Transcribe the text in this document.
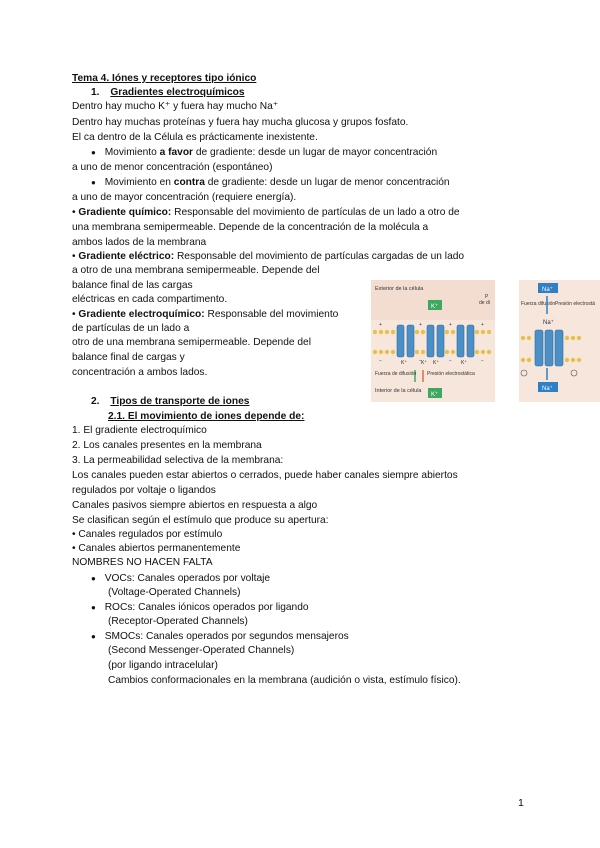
Tema 4. Iónes y receptores tipo iónico
1. Gradientes electroquímicos
Dentro hay mucho K⁺ y fuera hay mucho Na⁺
Dentro hay muchas proteínas y fuera hay mucha glucosa y grupos fosfato.
El ca dentro de la Célula es prácticamente inexistente.
● Movimiento a favor de gradiente: desde un lugar de mayor concentración
a uno de menor concentración (espontáneo)
● Movimiento en contra de gradiente: desde un lugar de menor concentración
a uno de mayor concentración (requiere energía).
• Gradiente químico: Responsable del movimiento de partículas de un lado a otro de
una membrana semipermeable. Depende de la concentración de la molécula a
ambos lados de la membrana
• Gradiente eléctrico: Responsable del movimiento de partículas cargadas de un lado
a otro de una membrana semipermeable. Depende del
balance final de las cargas
eléctricas en cada compartimento.
• Gradiente electroquímico: Responsable del movimiento
de partículas de un lado a
otro de una membrana semipermeable. Depende del
balance final de cargas y
concentración a ambos lados.
Exterior de la célula
P
de di
K⁺
+	+	+	+
−	−	−	−
K⁺	K⁺ K⁺	K⁺
Fuerza de difusión Presión electrostática
Interior de la célula
K⁺
Na⁺
Fuerza difusión Presión electrostá
Na⁺
Na⁺
2. Tipos de transporte de iones
2.1. El movimiento de iones depende de:
1. El gradiente electroquímico
2. Los canales presentes en la membrana
3. La permeabilidad selectiva de la membrana:
Los canales pueden estar abiertos o cerrados, puede haber canales siempre abiertos
regulados por voltaje o ligandos
Canales pasivos siempre abiertos en respuesta a algo
Se clasifican según el estímulo que produce su apertura:
• Canales regulados por estímulo
• Canales abiertos permanentemente
NOMBRES NO HACEN FALTA
● VOCs: Canales operados por voltaje
(Voltage-Operated Channels)
● ROCs: Canales iónicos operados por ligando
(Receptor-Operated Channels)
● SMOCs: Canales operados por segundos mensajeros
(Second Messenger-Operated Channels)
(por ligando intracelular)
Cambios conformacionales en la membrana (audición o vista, estímulo físico).
1
